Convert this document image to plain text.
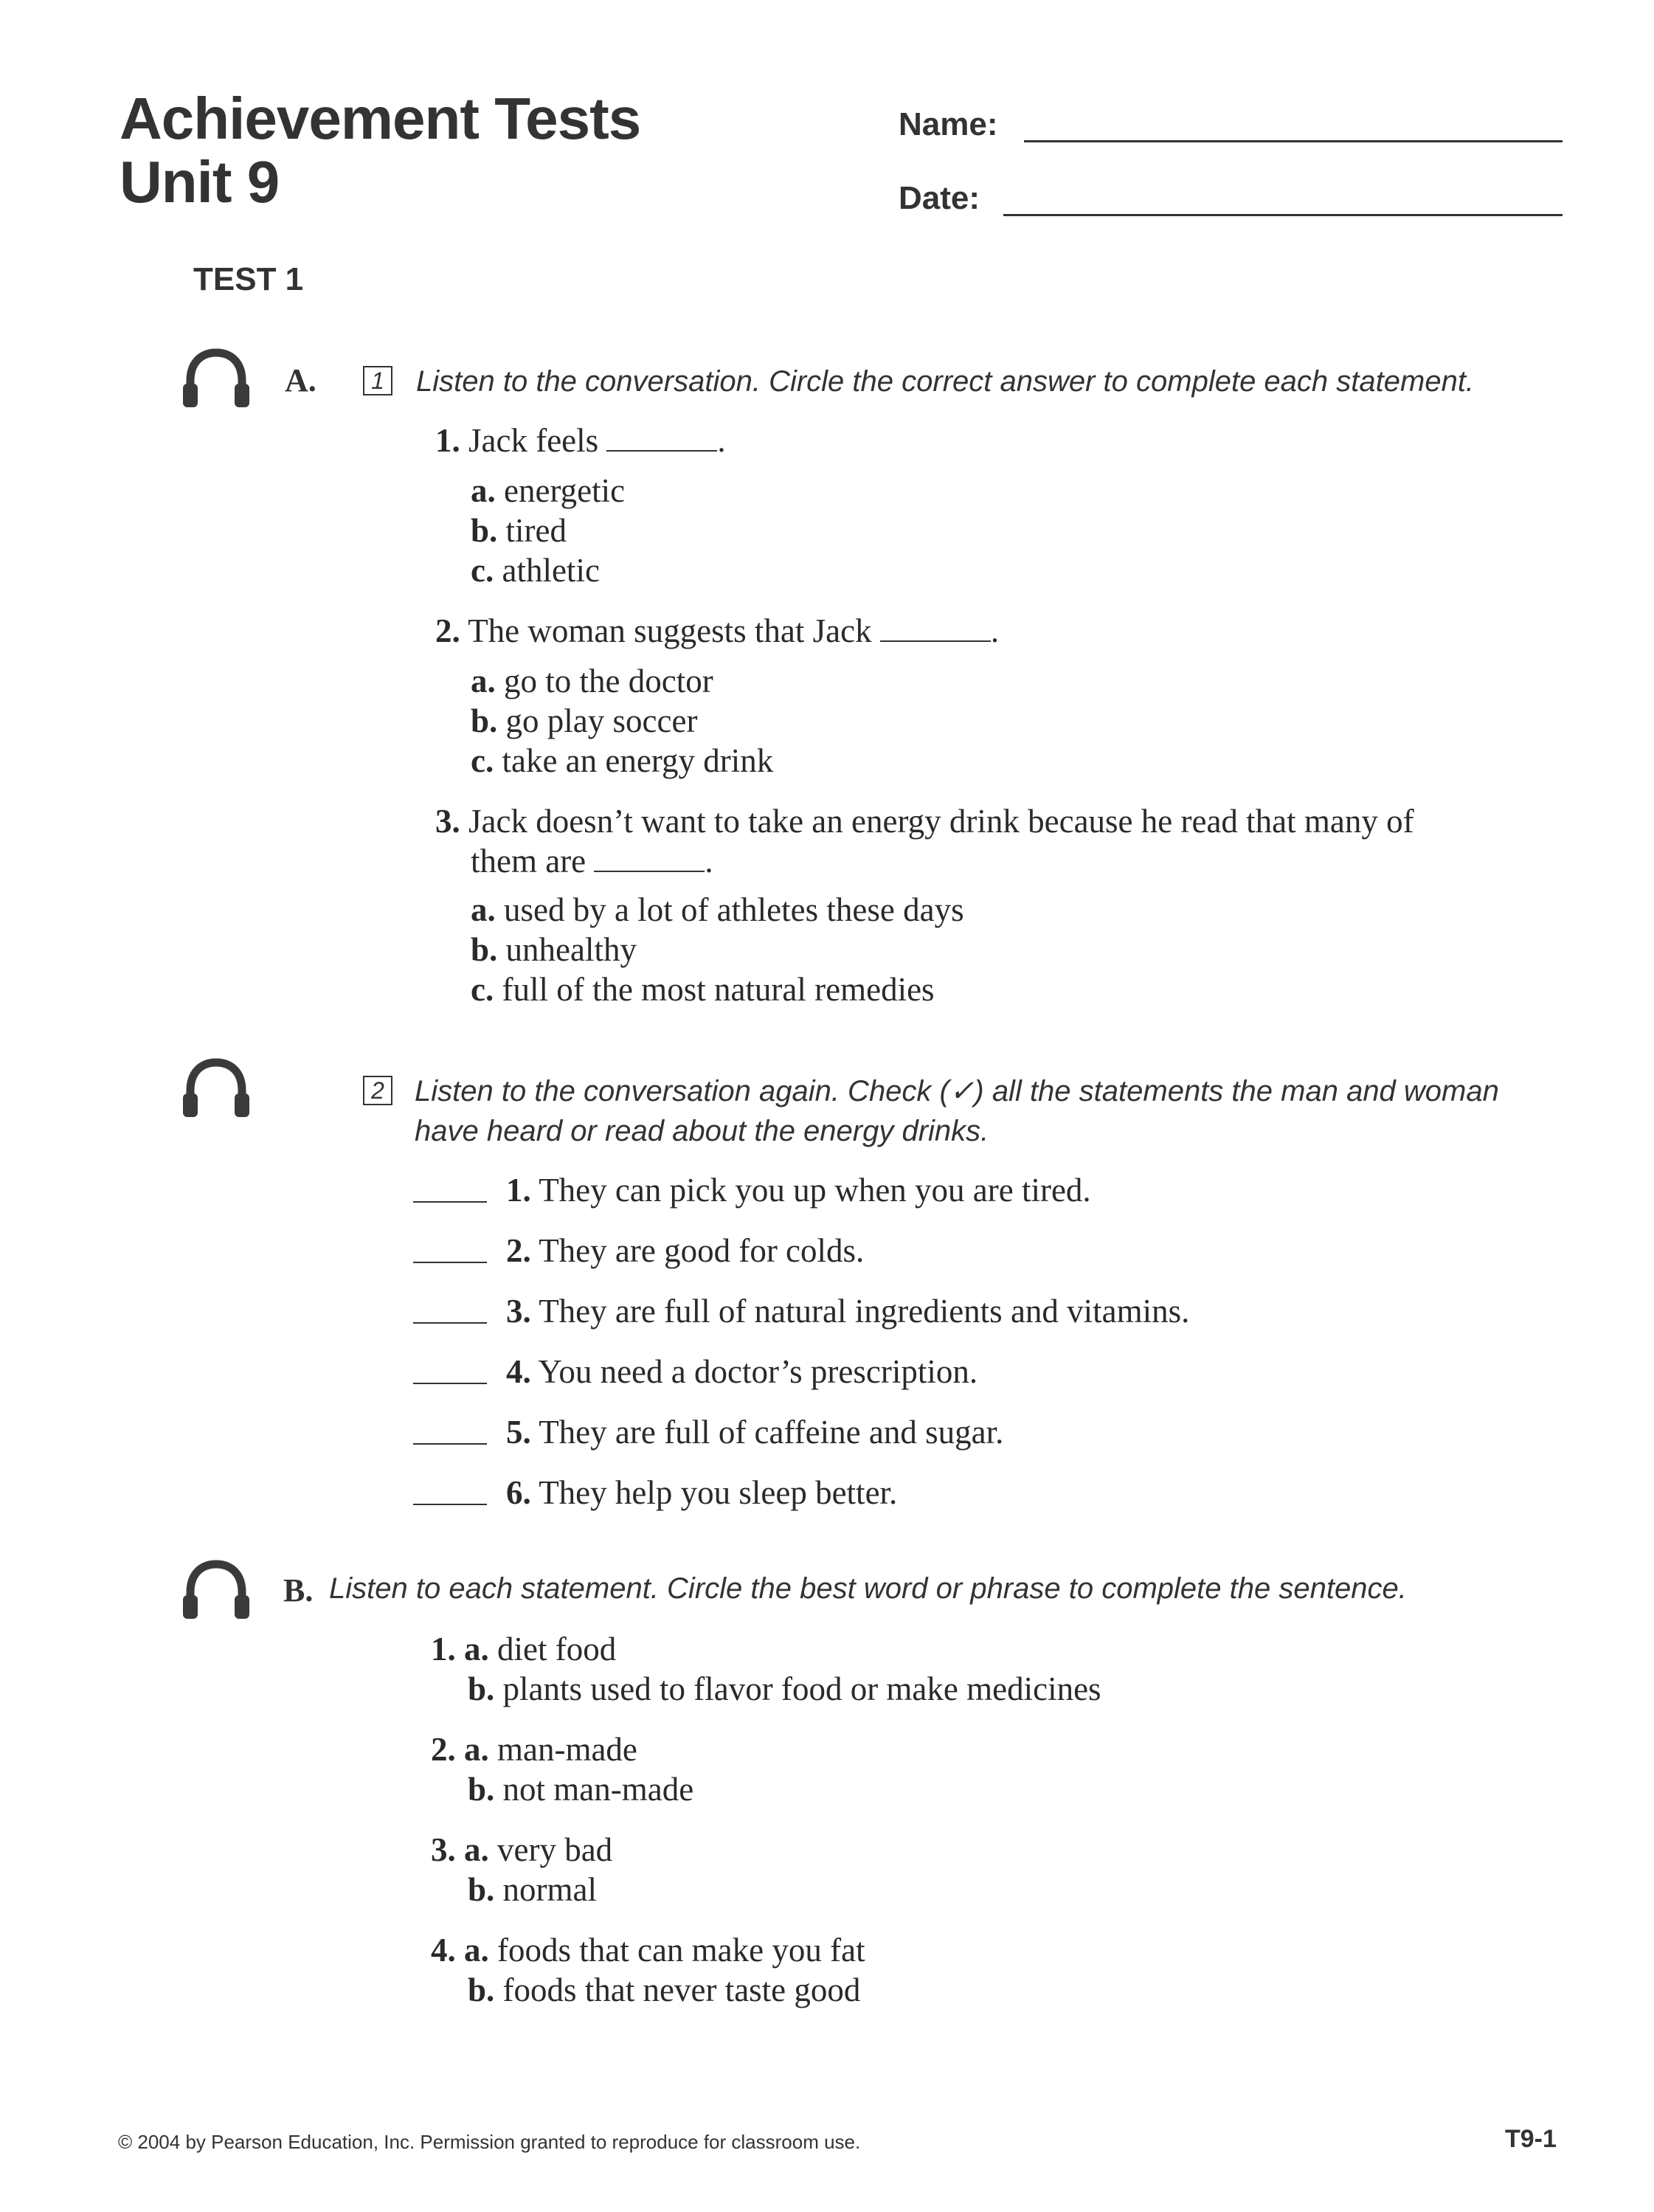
Achievement Tests
Unit 9
TEST 1
Name:
Date:
A.	1 Listen to the conversation. Circle the correct answer to complete each statement.
1. Jack feels	.
a. energetic
b. tired
c. athletic
2. The woman suggests that Jack	.
a. go to the doctor
b. go play soccer
c. take an energy drink
3. Jack doesn’t want to take an energy drink because he read that many of
them are	.
a. used by a lot of athletes these days
b. unhealthy
c. full of the most natural remedies
2 Listen to the conversation again. Check (✓) all the statements the man and woman
have heard or read about the energy drinks.
1. They can pick you up when you are tired.
2. They are good for colds.
3. They are full of natural ingredients and vitamins.
4. You need a doctor’s prescription.
5. They are full of caffeine and sugar.
6. They help you sleep better.
B. Listen to each statement. Circle the best word or phrase to complete the sentence.
1. a. diet food
b. plants used to flavor food or make medicines
2. a. man-made
b. not man-made
3. a. very bad
b. normal
4. a. foods that can make you fat
b. foods that never taste good
© 2004 by Pearson Education, Inc. Permission granted to reproduce for classroom use.	T9-1
